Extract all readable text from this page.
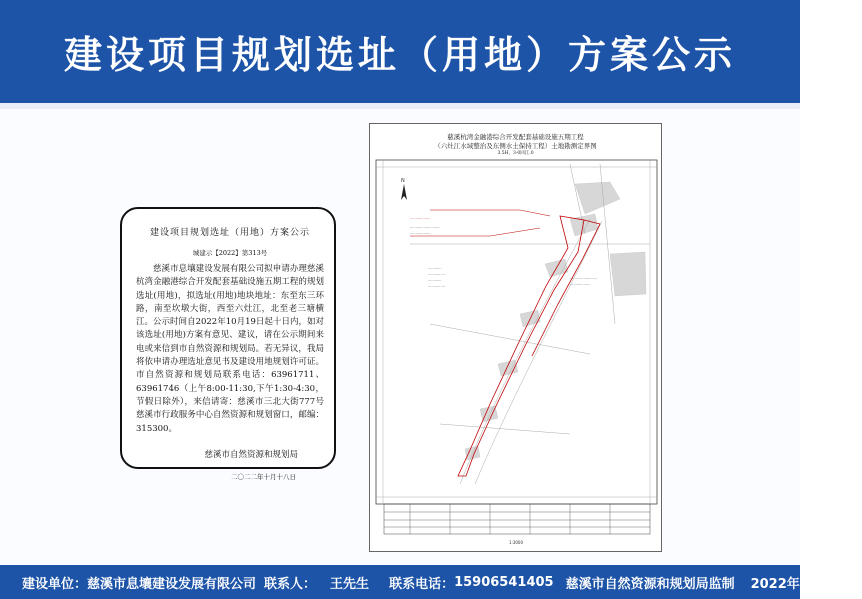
建设项目规划选址（用地）方案公示
建设项目规划选址（用地）方案公示
城建示【2022】第313号

慈溪市息壤建设发展有限公司拟申请办理慈溪杭湾金融港综合开发配套基础设施五期工程的规划选址(用地)，拟选址(用地)地块地址：东至东三环路，南至坎墩大街，西至六灶江，北至老三塘横江。公示时间自2022年10月19日起十日内，如对该选址(用地)方案有意见、建议，请在公示期间来电或来信到市自然资源和规划局。若无异议，我局将依申请办理选址意见书及建设用地规划许可证。市自然资源和规划局联系电话：63961711、63961746（上午8:00-11:30,下午1:30-4:30，节假日除外），来信请寄：慈溪市三北大街777号慈溪市行政服务中心自然资源和规划窗口，邮编：315300。

慈溪市自然资源和规划局
二〇二二年十月十八日
慈溪杭湾金融港综合开发配套基础设施五期工程
（六灶江水域整治及东侧水土保持工程）土地勘测定界图
3.5H，3-0回江.0
N
………………
………………………
………………
…………
……………
…………
……………
……………………
………………
1:3000
建设单位： 慈溪市息壤建设发展有限公司 联系人： 王先生 联系电话： 15906541405 慈溪市自然资源和规划局监制 2022年10月18日
